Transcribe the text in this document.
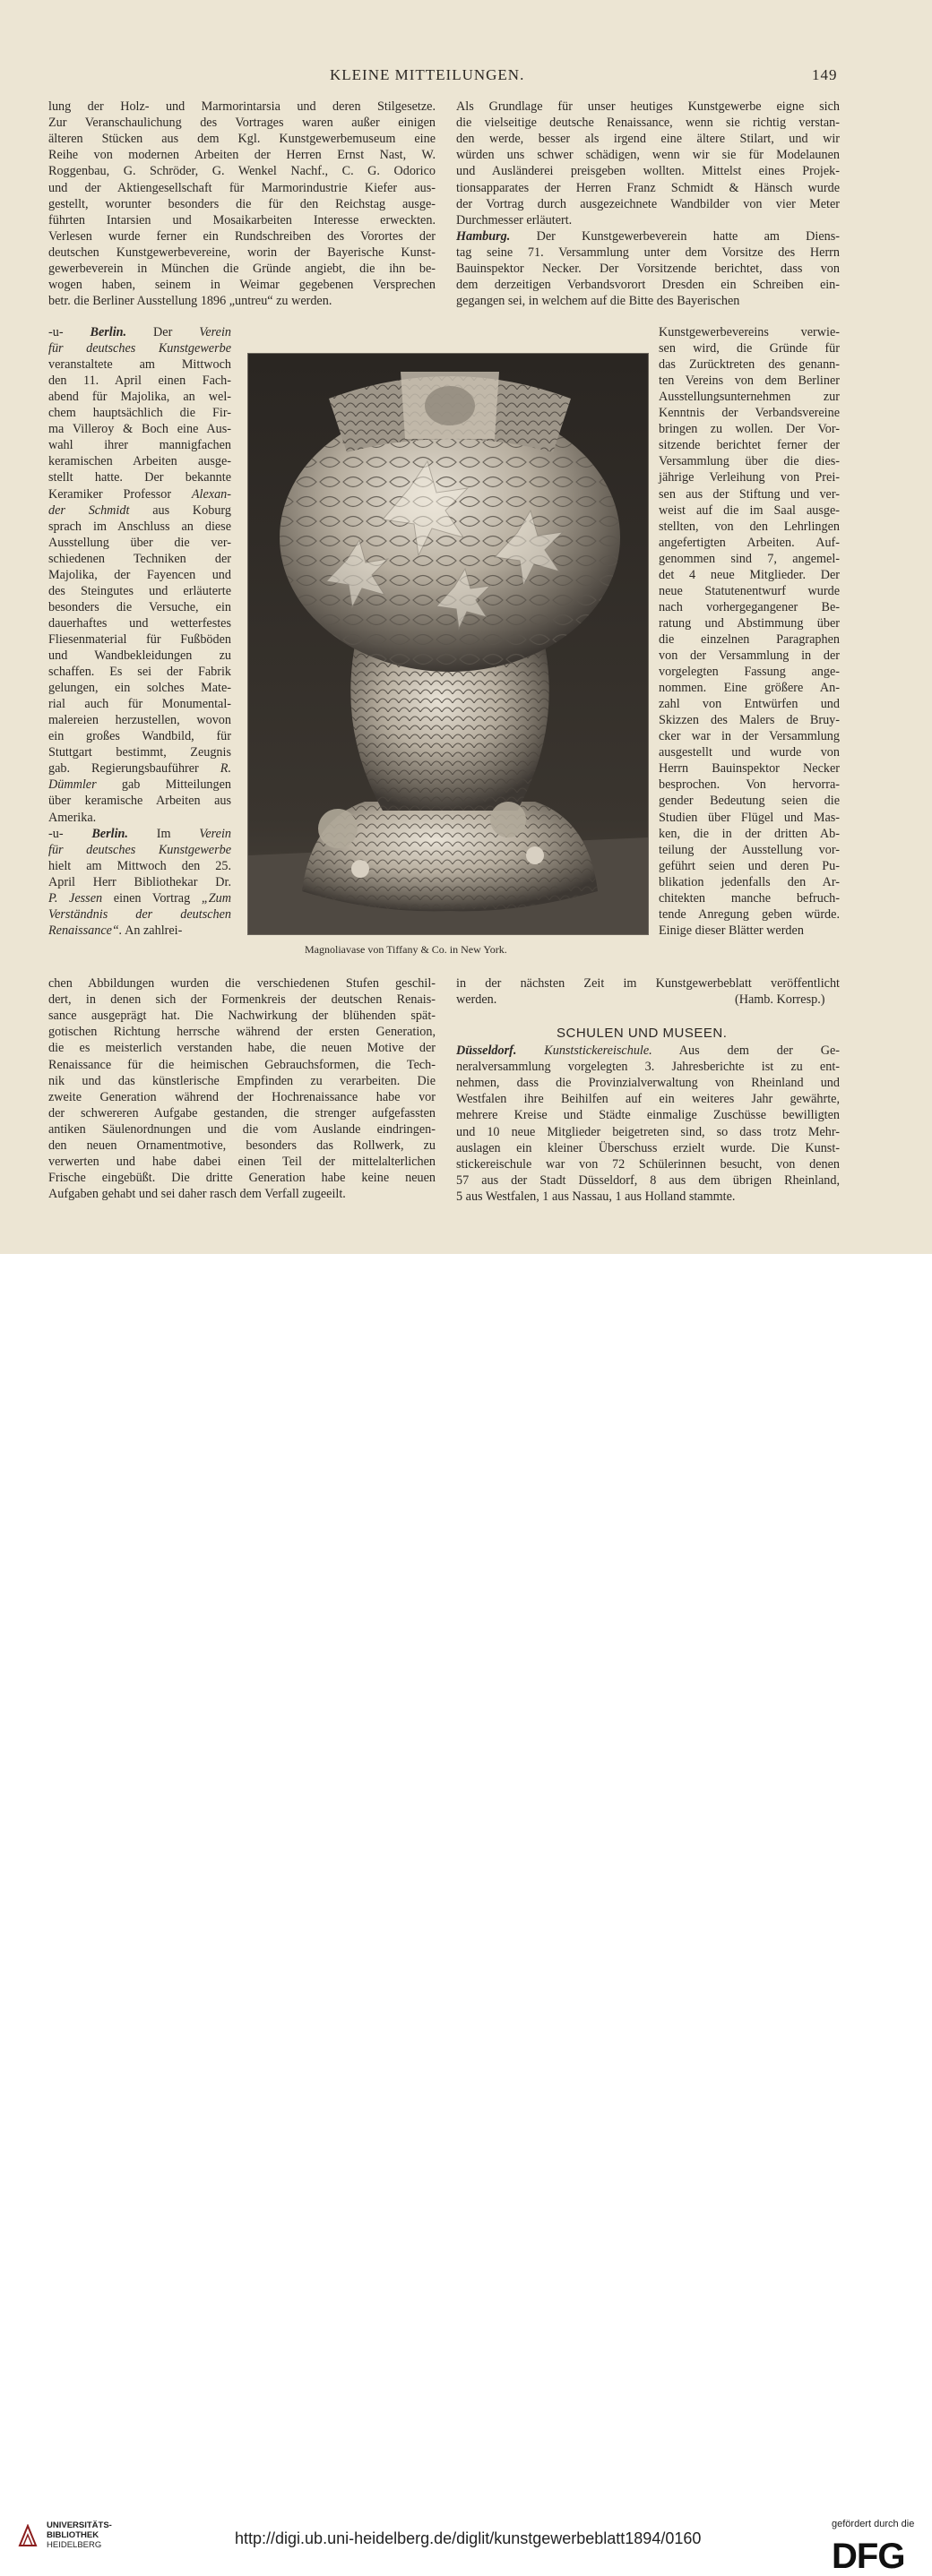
KLEINE MITTEILUNGEN.	149
lung der Holz- und Marmorintarsia und deren Stilgesetze.
Zur Veranschaulichung des Vortrages waren außer einigen
älteren Stücken aus dem Kgl. Kunstgewerbemuseum eine
Reihe von modernen Arbeiten der Herren Ernst Nast, W.
Roggenbau, G. Schröder, G. Wenkel Nachf., C. G. Odorico
und der Aktiengesellschaft für Marmorindustrie Kiefer aus-
gestellt, worunter besonders die für den Reichstag ausge-
führten Intarsien und Mosaikarbeiten Interesse erweckten.
Verlesen wurde ferner ein Rundschreiben des Vorortes der
deutschen Kunstgewerbevereine, worin der Bayerische Kunst-
gewerbeverein in München die Gründe angiebt, die ihn be-
wogen haben, seinem in Weimar gegebenen Versprechen
betr. die Berliner Ausstellung 1896 „untreu“ zu werden.
-u- Berlin. Der Verein
für deutsches Kunstgewerbe
veranstaltete am Mittwoch
den 11. April einen Fach-
abend für Majolika, an wel-
chem hauptsächlich die Fir-
ma Villeroy & Boch eine Aus-
wahl ihrer mannigfachen
keramischen Arbeiten ausge-
stellt hatte. Der bekannte
Keramiker Professor Alexan-
der Schmidt aus Koburg
sprach im Anschluss an diese
Ausstellung über die ver-
schiedenen Techniken der
Majolika, der Fayencen und
des Steingutes und erläuterte
besonders die Versuche, ein
dauerhaftes und wetterfestes
Fliesenmaterial für Fußböden
und Wandbekleidungen zu
schaffen. Es sei der Fabrik
gelungen, ein solches Mate-
rial auch für Monumental-
malereien herzustellen, wovon
ein großes Wandbild, für
Stuttgart bestimmt, Zeugnis
gab. Regierungsbauführer R.
Dümmler gab Mitteilungen
über keramische Arbeiten aus
Amerika.
-u- Berlin. Im Verein
für deutsches Kunstgewerbe
hielt am Mittwoch den 25.
April Herr Bibliothekar Dr.
P. Jessen einen Vortrag „Zum
Verständnis der deutschen
Renaissance“. An zahlrei-
chen Abbildungen wurden die verschiedenen Stufen geschil-
dert, in denen sich der Formenkreis der deutschen Renais-
sance ausgeprägt hat. Die Nachwirkung der blühenden spät-
gotischen Richtung herrsche während der ersten Generation,
die es meisterlich verstanden habe, die neuen Motive der
Renaissance für die heimischen Gebrauchsformen, die Tech-
nik und das künstlerische Empfinden zu verarbeiten. Die
zweite Generation während der Hochrenaissance habe vor
der schwereren Aufgabe gestanden, die strenger aufgefassten
antiken Säulenordnungen und die vom Auslande eindringen-
den neuen Ornamentmotive, besonders das Rollwerk, zu
verwerten und habe dabei einen Teil der mittelalterlichen
Frische eingebüßt. Die dritte Generation habe keine neuen
Aufgaben gehabt und sei daher rasch dem Verfall zugeeilt.
Als Grundlage für unser heutiges Kunstgewerbe eigne sich
die vielseitige deutsche Renaissance, wenn sie richtig verstan-
den werde, besser als irgend eine ältere Stilart, und wir
würden uns schwer schädigen, wenn wir sie für Modelaunen
und Ausländerei preisgeben wollten. Mittelst eines Projek-
tionsapparates der Herren Franz Schmidt & Hänsch wurde
der Vortrag durch ausgezeichnete Wandbilder von vier Meter
Durchmesser erläutert.
Hamburg. Der Kunstgewerbeverein hatte am Diens-
tag seine 71. Versammlung unter dem Vorsitze des Herrn
Bauinspektor Necker. Der Vorsitzende berichtet, dass von
dem derzeitigen Verbandsvorort Dresden ein Schreiben ein-
gegangen sei, in welchem auf die Bitte des Bayerischen
Kunstgewerbevereins verwie-
sen wird, die Gründe für
das Zurücktreten des genann-
ten Vereins von dem Berliner
Ausstellungsunternehmen zur
Kenntnis der Verbandsvereine
bringen zu wollen. Der Vor-
sitzende berichtet ferner der
Versammlung über die dies-
jährige Verleihung von Prei-
sen aus der Stiftung und ver-
weist auf die im Saal ausge-
stellten, von den Lehrlingen
angefertigten Arbeiten. Auf-
genommen sind 7, angemel-
det 4 neue Mitglieder. Der
neue Statutenentwurf wurde
nach vorhergegangener Be-
ratung und Abstimmung über
die einzelnen Paragraphen
von der Versammlung in der
vorgelegten Fassung ange-
nommen. Eine größere An-
zahl von Entwürfen und
Skizzen des Malers de Bruy-
cker war in der Versammlung
ausgestellt und wurde von
Herrn Bauinspektor Necker
besprochen. Von hervorra-
gender Bedeutung seien die
Studien über Flügel und Mas-
ken, die in der dritten Ab-
teilung der Ausstellung vor-
geführt seien und deren Pu-
blikation jedenfalls den Ar-
chitekten manche befruch-
tende Anregung geben würde.
Einige dieser Blätter werden
in der nächsten Zeit im Kunstgewerbeblatt veröffentlicht
werden.	(Hamb. Korresp.)
SCHULEN UND MUSEEN.
Düsseldorf. Kunststickereischule. Aus dem der Ge-
neralversammlung vorgelegten 3. Jahresberichte ist zu ent-
nehmen, dass die Provinzialverwaltung von Rheinland und
Westfalen ihre Beihilfen auf ein weiteres Jahr gewährte,
mehrere Kreise und Städte einmalige Zuschüsse bewilligten
und 10 neue Mitglieder beigetreten sind, so dass trotz Mehr-
auslagen ein kleiner Überschuss erzielt wurde. Die Kunst-
stickereischule war von 72 Schülerinnen besucht, von denen
57 aus der Stadt Düsseldorf, 8 aus dem übrigen Rheinland,
5 aus Westfalen, 1 aus Nassau, 1 aus Holland stammte.
Magnoliavase von Tiffany & Co. in New York.
UNIVERSITÄTS-
BIBLIOTHEK
HEIDELBERG	http://digi.ub.uni-heidelberg.de/diglit/kunstgewerbeblatt1894/0160
gefördert durch die
DFG
